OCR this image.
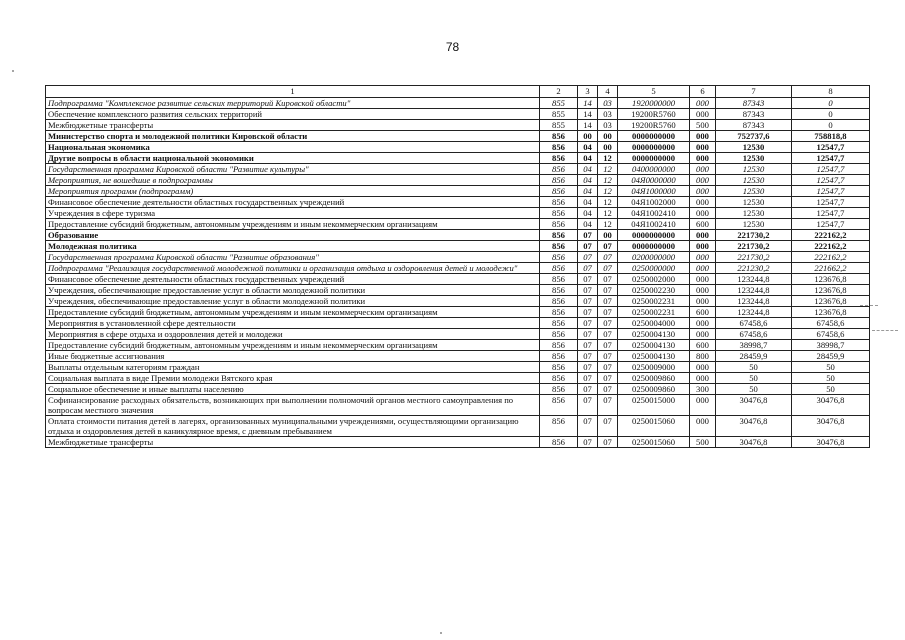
78
1	2	3	4	5	6	7	8
Подпрограмма "Комплексное развитие сельских территорий Кировской области"	855	14	03	1920000000	000	87343	0
Обеспечение комплексного развития сельских территорий	855	14	03	19200R5760	000	87343	0
Межбюджетные трансферты	855	14	03	19200R5760	500	87343	0
Министерство спорта и молодежной политики Кировской области	856	00	00	0000000000	000	752737,6	758818,8
Национальная экономика	856	04	00	0000000000	000	12530	12547,7
Другие вопросы в области национальной экономики	856	04	12	0000000000	000	12530	12547,7
Государственная программа Кировской области "Развитие культуры"	856	04	12	0400000000	000	12530	12547,7
Мероприятия, не вошедшие в подпрограммы	856	04	12	04Я0000000	000	12530	12547,7
Мероприятия программ (подпрограмм)	856	04	12	04Я1000000	000	12530	12547,7
Финансовое обеспечение деятельности областных государственных учреждений	856	04	12	04Я1002000	000	12530	12547,7
Учреждения в сфере туризма	856	04	12	04Я1002410	000	12530	12547,7
Предоставление субсидий бюджетным, автономным учреждениям и иным некоммерческим организациям	856	04	12	04Я1002410	600	12530	12547,7
Образование	856	07	00	0000000000	000	221730,2	222162,2
Молодежная политика	856	07	07	0000000000	000	221730,2	222162,2
Государственная программа Кировской области "Развитие образования"	856	07	07	0200000000	000	221730,2	222162,2
Подпрограмма "Реализация государственной молодежной политики и организация отдыха и оздоровления детей и молодежи"	856	07	07	0250000000	000	221230,2	221662,2
Финансовое обеспечение деятельности областных государственных учреждений	856	07	07	0250002000	000	123244,8	123676,8
Учреждения, обеспечивающие предоставление услуг в области молодежной политики	856	07	07	0250002230	000	123244,8	123676,8
Учреждения, обеспечивающие предоставление услуг в области молодежной политики	856	07	07	0250002231	000	123244,8	123676,8
Предоставление субсидий бюджетным, автономным учреждениям и иным некоммерческим организациям	856	07	07	0250002231	600	123244,8	123676,8
Мероприятия в установленной сфере деятельности	856	07	07	0250004000	000	67458,6	67458,6
Мероприятия в сфере отдыха и оздоровления детей и молодежи	856	07	07	0250004130	000	67458,6	67458,6
Предоставление субсидий бюджетным, автономным учреждениям и иным некоммерческим организациям	856	07	07	0250004130	600	38998,7	38998,7
Иные бюджетные ассигнования	856	07	07	0250004130	800	28459,9	28459,9
Выплаты отдельным категориям граждан	856	07	07	0250009000	000	50	50
Социальная выплата в виде Премии молодежи Вятского края	856	07	07	0250009860	000	50	50
Социальное обеспечение и иные выплаты населению	856	07	07	0250009860	300	50	50
Софинансирование расходных обязательств, возникающих при выполнении полномочий органов местного самоуправления по вопросам местного значения	856	07	07	0250015000	000	30476,8	30476,8
Оплата стоимости питания детей в лагерях, организованных муниципальными учреждениями, осуществляющими организацию отдыха и оздоровления детей в каникулярное время, с дневным пребыванием	856	07	07	0250015060	000	30476,8	30476,8
Межбюджетные трансферты	856	07	07	0250015060	500	30476,8	30476,8
